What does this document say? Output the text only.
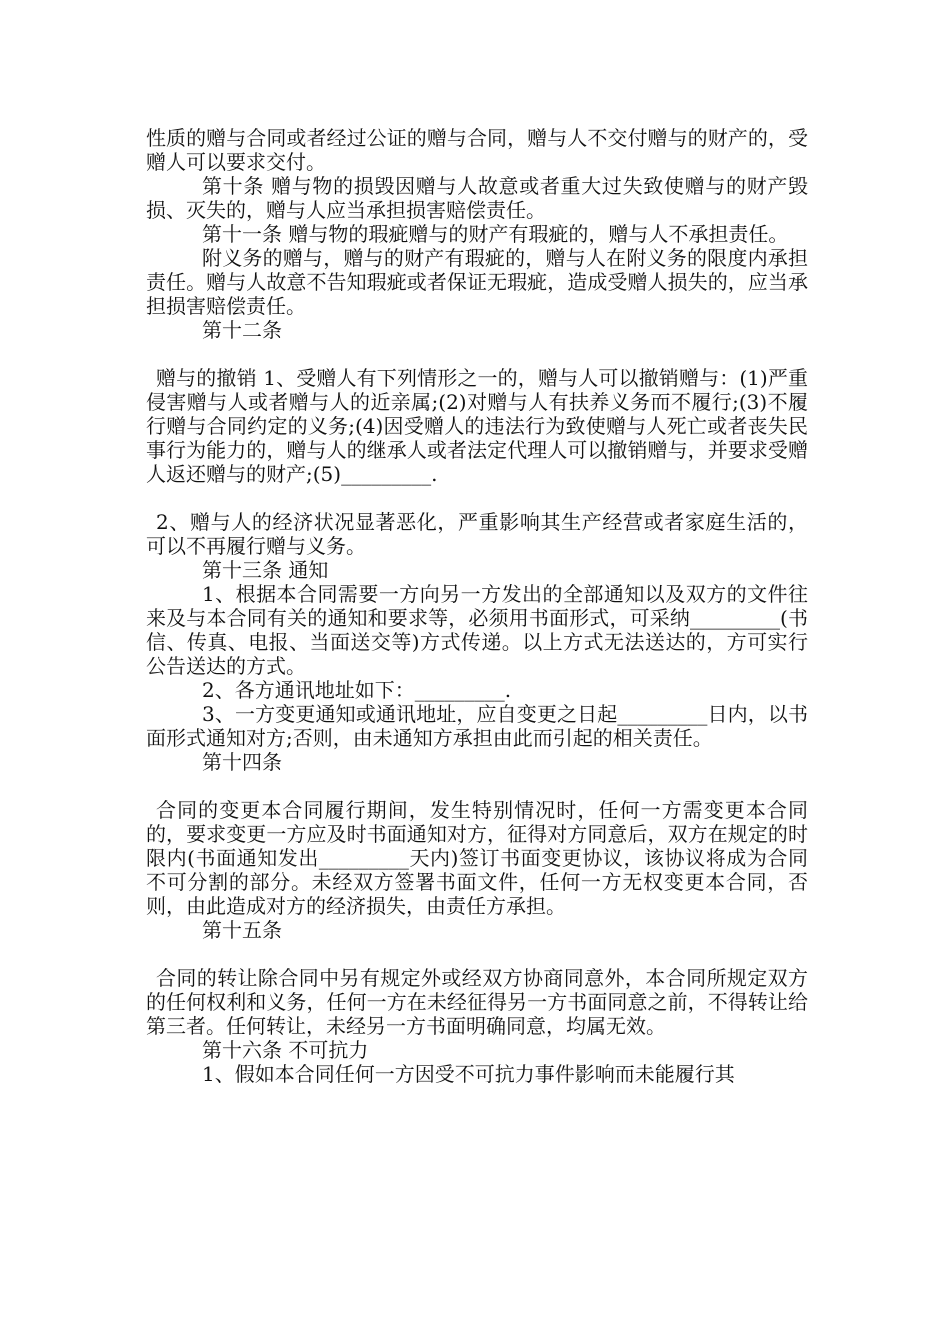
性质的赠与合同或者经过公证的赠与合同，赠与人不交付赠与的财产的，受赠人可以要求交付。

第十条 赠与物的损毁因赠与人故意或者重大过失致使赠与的财产毁损、灭失的，赠与人应当承担损害赔偿责任。

第十一条 赠与物的瑕疵赠与的财产有瑕疵的，赠与人不承担责任。

附义务的赠与，赠与的财产有瑕疵的，赠与人在附义务的限度内承担责任。赠与人故意不告知瑕疵或者保证无瑕疵，造成受赠人损失的，应当承担损害赔偿责任。

第十二条

赠与的撤销 1、受赠人有下列情形之一的，赠与人可以撤销赠与：(1)严重侵害赠与人或者赠与人的近亲属;(2)对赠与人有扶养义务而不履行;(3)不履行赠与合同约定的义务;(4)因受赠人的违法行为致使赠与人死亡或者丧失民事行为能力的，赠与人的继承人或者法定代理人可以撤销赠与，并要求受赠人返还赠与的财产;(5)_________.

2、赠与人的经济状况显著恶化，严重影响其生产经营或者家庭生活的，可以不再履行赠与义务。

第十三条 通知

1、根据本合同需要一方向另一方发出的全部通知以及双方的文件往来及与本合同有关的通知和要求等，必须用书面形式，可采纳_________(书信、传真、电报、当面送交等)方式传递。以上方式无法送达的，方可实行公告送达的方式。

2、各方通讯地址如下：_________.

3、一方变更通知或通讯地址，应自变更之日起_________日内，以书面形式通知对方;否则，由未通知方承担由此而引起的相关责任。

第十四条

合同的变更本合同履行期间，发生特别情况时，任何一方需变更本合同的，要求变更一方应及时书面通知对方，征得对方同意后，双方在规定的时限内(书面通知发出_________天内)签订书面变更协议，该协议将成为合同不可分割的部分。未经双方签署书面文件，任何一方无权变更本合同，否则，由此造成对方的经济损失，由责任方承担。

第十五条

合同的转让除合同中另有规定外或经双方协商同意外，本合同所规定双方的任何权利和义务，任何一方在未经征得另一方书面同意之前，不得转让给第三者。任何转让，未经另一方书面明确同意，均属无效。

第十六条 不可抗力

1、假如本合同任何一方因受不可抗力事件影响而未能履行其
